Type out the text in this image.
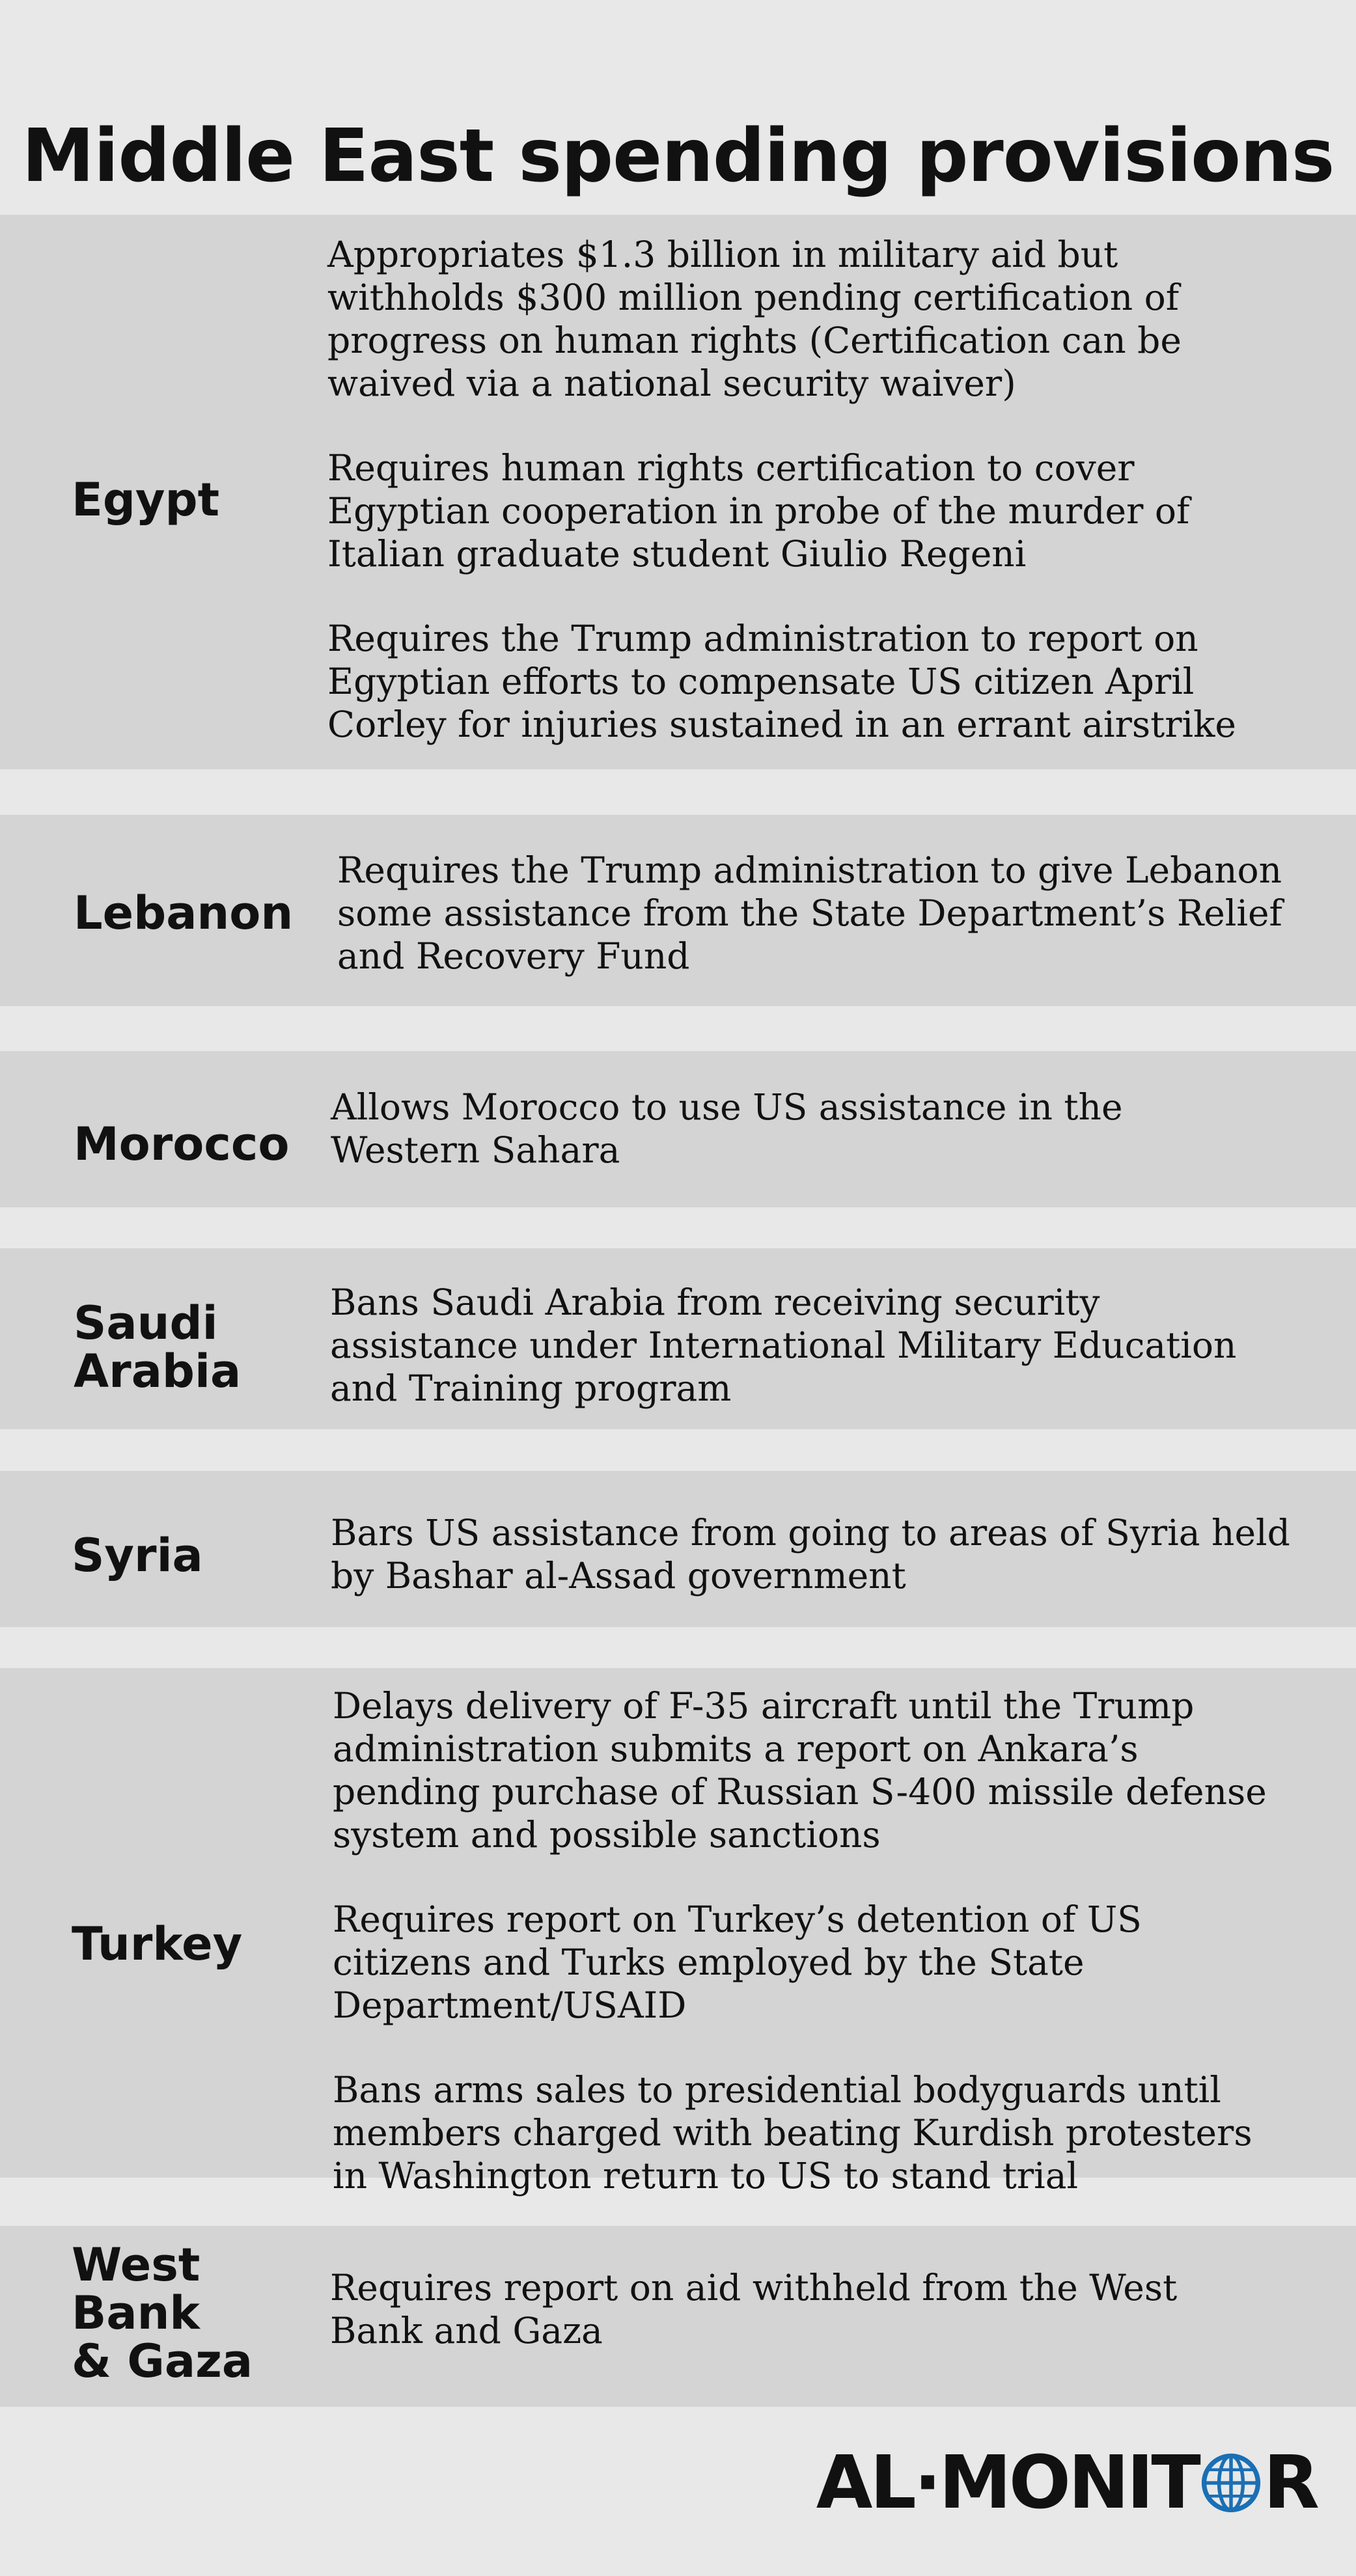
Middle East spending provisions
Egypt

Appropriates $1.3 billion in military aid but withholds $300 million pending certification of progress on human rights (Certification can be waived via a national security waiver)

Requires human rights certification to cover Egyptian cooperation in probe of the murder of Italian graduate student Giulio Regeni

Requires the Trump administration to report on Egyptian efforts to compensate US citizen April Corley for injuries sustained in an errant airstrike

Lebanon

Requires the Trump administration to give Lebanon some assistance from the State Department’s Relief and Recovery Fund

Morocco

Allows Morocco to use US assistance in the Western Sahara

Saudi Arabia

Bans Saudi Arabia from receiving security assistance under International Military Education and Training program

Syria	Bars US assistance from going to areas of Syria held by Bashar al-Assad government

Turkey

Delays delivery of F-35 aircraft until the Trump administration submits a report on Ankara’s pending purchase of Russian S-400 missile defense system and possible sanctions

Requires report on Turkey’s detention of US citizens and Turks employed by the State Department/USAID

Bans arms sales to presidential bodyguards until members charged with beating Kurdish protesters in Washington return to US to stand trial

West Bank & Gaza

Requires report on aid withheld from the West Bank and Gaza

AL·MONIT R
